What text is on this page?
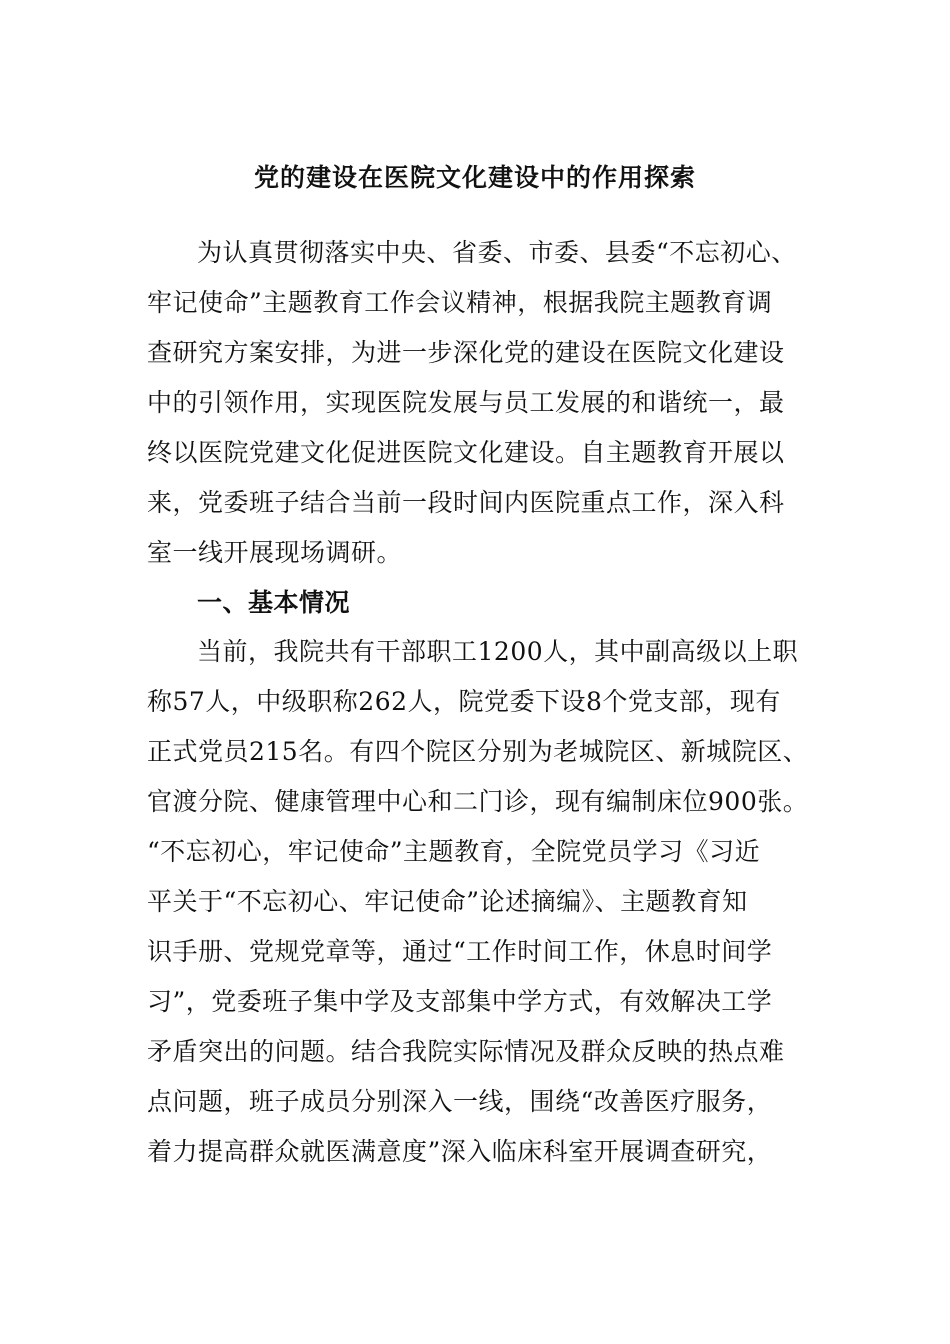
党的建设在医院文化建设中的作用探索
为认真贯彻落实中央、省委、市委、县委“不忘初心、
牢记使命”主题教育工作会议精神，根据我院主题教育调
查研究方案安排，为进一步深化党的建设在医院文化建设
中的引领作用，实现医院发展与员工发展的和谐统一，最
终以医院党建文化促进医院文化建设。自主题教育开展以
来，党委班子结合当前一段时间内医院重点工作，深入科
室一线开展现场调研。
一、基本情况
当前，我院共有干部职工1200人，其中副高级以上职
称57人，中级职称262人，院党委下设8个党支部，现有
正式党员215名。有四个院区分别为老城院区、新城院区、
官渡分院、健康管理中心和二门诊，现有编制床位900张。
“不忘初心，牢记使命”主题教育，全院党员学习《习近
平关于“不忘初心、牢记使命”论述摘编》、主题教育知
识手册、党规党章等，通过“工作时间工作，休息时间学
习”，党委班子集中学及支部集中学方式，有效解决工学
矛盾突出的问题。结合我院实际情况及群众反映的热点难
点问题，班子成员分别深入一线，围绕“改善医疗服务，
着力提高群众就医满意度”深入临床科室开展调查研究，
